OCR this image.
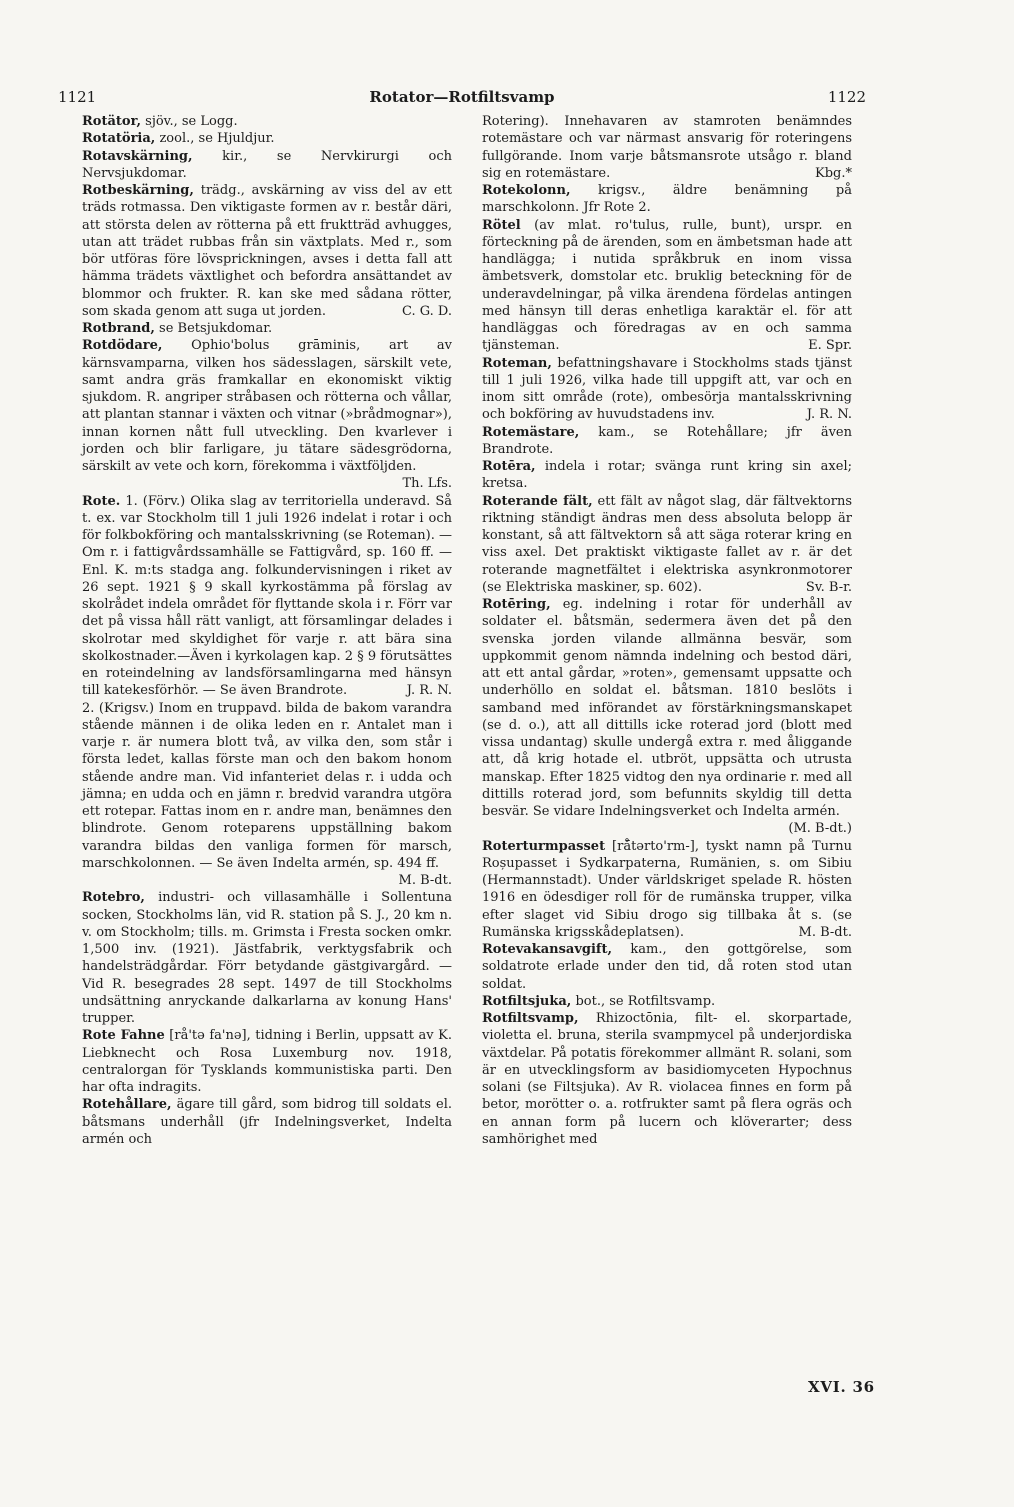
1121	Rotator—Rotfiltsvamp	1122

Rotätor, sjöv., se Logg.

Rotatöria, zool., se Hjuldjur.

Rotavskärning, kir., se Nervkirurgi och Nervsjukdomar.

Rotbeskärning, trädg., avskärning av viss del av ett träds rotmassa. Den viktigaste formen av r. består däri, att största delen av rötterna på ett fruktträd avhugges, utan att trädet rubbas från sin växtplats. Med r., som bör utföras före lövsprickningen, avses i detta fall att hämma trädets växtlighet och befordra ansättandet av blommor och frukter. R. kan ske med sådana rötter, som skada genom att suga ut jorden.	C. G. D.

Rotbrand, se Betsjukdomar.

Rotdödare, Ophio'bolus grāminis, art av kärnsvamparna, vilken hos sädesslagen, särskilt vete, samt andra gräs framkallar en ekonomiskt viktig sjukdom. R. angriper stråbasen och rötterna och vållar, att plantan stannar i växten och vitnar (»brådmognar»), innan kornen nått full utveckling. Den kvarlever i jorden och blir farligare, ju tätare sädesgrödorna, särskilt av vete och korn, förekomma i växtföljden.
Th. Lfs.

Rote. 1. (Förv.) Olika slag av territoriella underavd. Så t. ex. var Stockholm till 1 juli 1926 indelat i rotar i och för folkbokföring och mantalsskrivning (se Roteman). — Om r. i fattigvårdssamhälle se Fattigvård, sp. 160 ff. — Enl. K. m:ts stadga ang. folkundervisningen i riket av 26 sept. 1921 § 9 skall kyrkostämma på förslag av skolrådet indela området för flyttande skola i r. Förr var det på vissa håll rätt vanligt, att församlingar delades i skolrotar med skyldighet för varje r. att bära sina skolkostnader.—Även i kyrkolagen kap. 2 § 9 förutsättes en roteindelning av landsförsamlingarna med hänsyn till katekesförhör. — Se även Brandrote.	J. R. N.

2. (Krigsv.) Inom en truppavd. bilda de bakom varandra stående männen i de olika leden en r. Antalet man i varje r. är numera blott två, av vilka den, som står i första ledet, kallas förste man och den bakom honom stående andre man. Vid infanteriet delas r. i udda och jämna; en udda och en jämn r. bredvid varandra utgöra ett rotepar. Fattas inom en r. andre man, benämnes den blindrote. Genom roteparens uppställning bakom varandra bildas den vanliga formen för marsch, marschkolonnen. — Se även Indelta armén, sp. 494 ff.
M. B-dt.

Rotebro, industri- och villasamhälle i Sollentuna socken, Stockholms län, vid R. station på S. J., 20 km n. v. om Stockholm; tills. m. Grimsta i Fresta socken omkr. 1,500 inv. (1921). Jästfabrik, verktygsfabrik och handelsträdgårdar. Förr betydande gästgivargård. — Vid R. besegrades 28 sept. 1497 de till Stockholms undsättning anryckande dalkarlarna av konung Hans' trupper.

Rote Fahne [rå'tə fa'nə], tidning i Berlin, uppsatt av K. Liebknecht och Rosa Luxemburg nov. 1918, centralorgan för Tysklands kommunistiska parti. Den har ofta indragits.

Rotehållare, ägare till gård, som bidrog till soldats el. båtsmans underhåll (jfr Indelningsverket, Indelta armén och

Rotering). Innehavaren av stamroten benämndes rotemästare och var närmast ansvarig för roteringens fullgörande. Inom varje båtsmansrote utsågo r. bland sig en rotemästare.	Kbg.*

Rotekolonn, krigsv., äldre benämning på marschkolonn. Jfr Rote 2.

Rötel (av mlat. ro'tulus, rulle, bunt), urspr. en förteckning på de ärenden, som en ämbetsman hade att handlägga; i nutida språkbruk en inom vissa ämbetsverk, domstolar etc. bruklig beteckning för de underavdelningar, på vilka ärendena fördelas antingen med hänsyn till deras enhetliga karaktär el. för att handläggas och föredragas av en och samma tjänsteman.	E. Spr.

Roteman, befattningshavare i Stockholms stads tjänst till 1 juli 1926, vilka hade till uppgift att, var och en inom sitt område (rote), ombesörja mantalsskrivning och bokföring av huvudstadens inv.	J. R. N.

Rotemästare, kam., se Rotehållare; jfr även Brandrote.

Rotēra, indela i rotar; svänga runt kring sin axel; kretsa.

Roterande fält, ett fält av något slag, där fältvektorns riktning ständigt ändras men dess absoluta belopp är konstant, så att fältvektorn så att säga roterar kring en viss axel. Det praktiskt viktigaste fallet av r. är det roterande magnetfältet i elektriska asynkronmotorer (se Elektriska maskiner, sp. 602).	Sv. B-r.

Rotēring, eg. indelning i rotar för underhåll av soldater el. båtsmän, sedermera även det på den svenska jorden vilande allmänna besvär, som uppkommit genom nämnda indelning och bestod däri, att ett antal gårdar, »roten», gemensamt uppsatte och underhöllo en soldat el. båtsman. 1810 beslöts i samband med införandet av förstärkningsmanskapet (se d. o.), att all dittills icke roterad jord (blott med vissa undantag) skulle undergå extra r. med åliggande att, då krig hotade el. utbröt, uppsätta och utrusta manskap. Efter 1825 vidtog den nya ordinarie r. med all dittills roterad jord, som befunnits skyldig till detta besvär. Se vidare Indelningsverket och Indelta armén.
(M. B-dt.)

Roterturmpasset [rå̄tərto'rm-], tyskt namn på Turnu Roșupasset i Sydkarpaterna, Rumänien, s. om Sibiu (Hermannstadt). Under världskriget spelade R. hösten 1916 en ödesdiger roll för de rumänska trupper, vilka efter slaget vid Sibiu drogo sig tillbaka åt s. (se Rumänska krigsskådeplatsen).	M. B-dt.

Rotevakansavgift, kam., den gottgörelse, som soldatrote erlade under den tid, då roten stod utan soldat.

Rotfiltsjuka, bot., se Rotfiltsvamp.

Rotfiltsvamp, Rhizoctōnia, filt- el. skorpartade, violetta el. bruna, sterila svampmycel på underjordiska växtdelar. På potatis förekommer allmänt R. solani, som är en utvecklingsform av basidiomyceten Hypochnus solani (se Filtsjuka). Av R. violacea finnes en form på betor, morötter o. a. rotfrukter samt på flera ogräs och en annan form på lucern och klöverarter; dess samhörighet med

XVI. 36
